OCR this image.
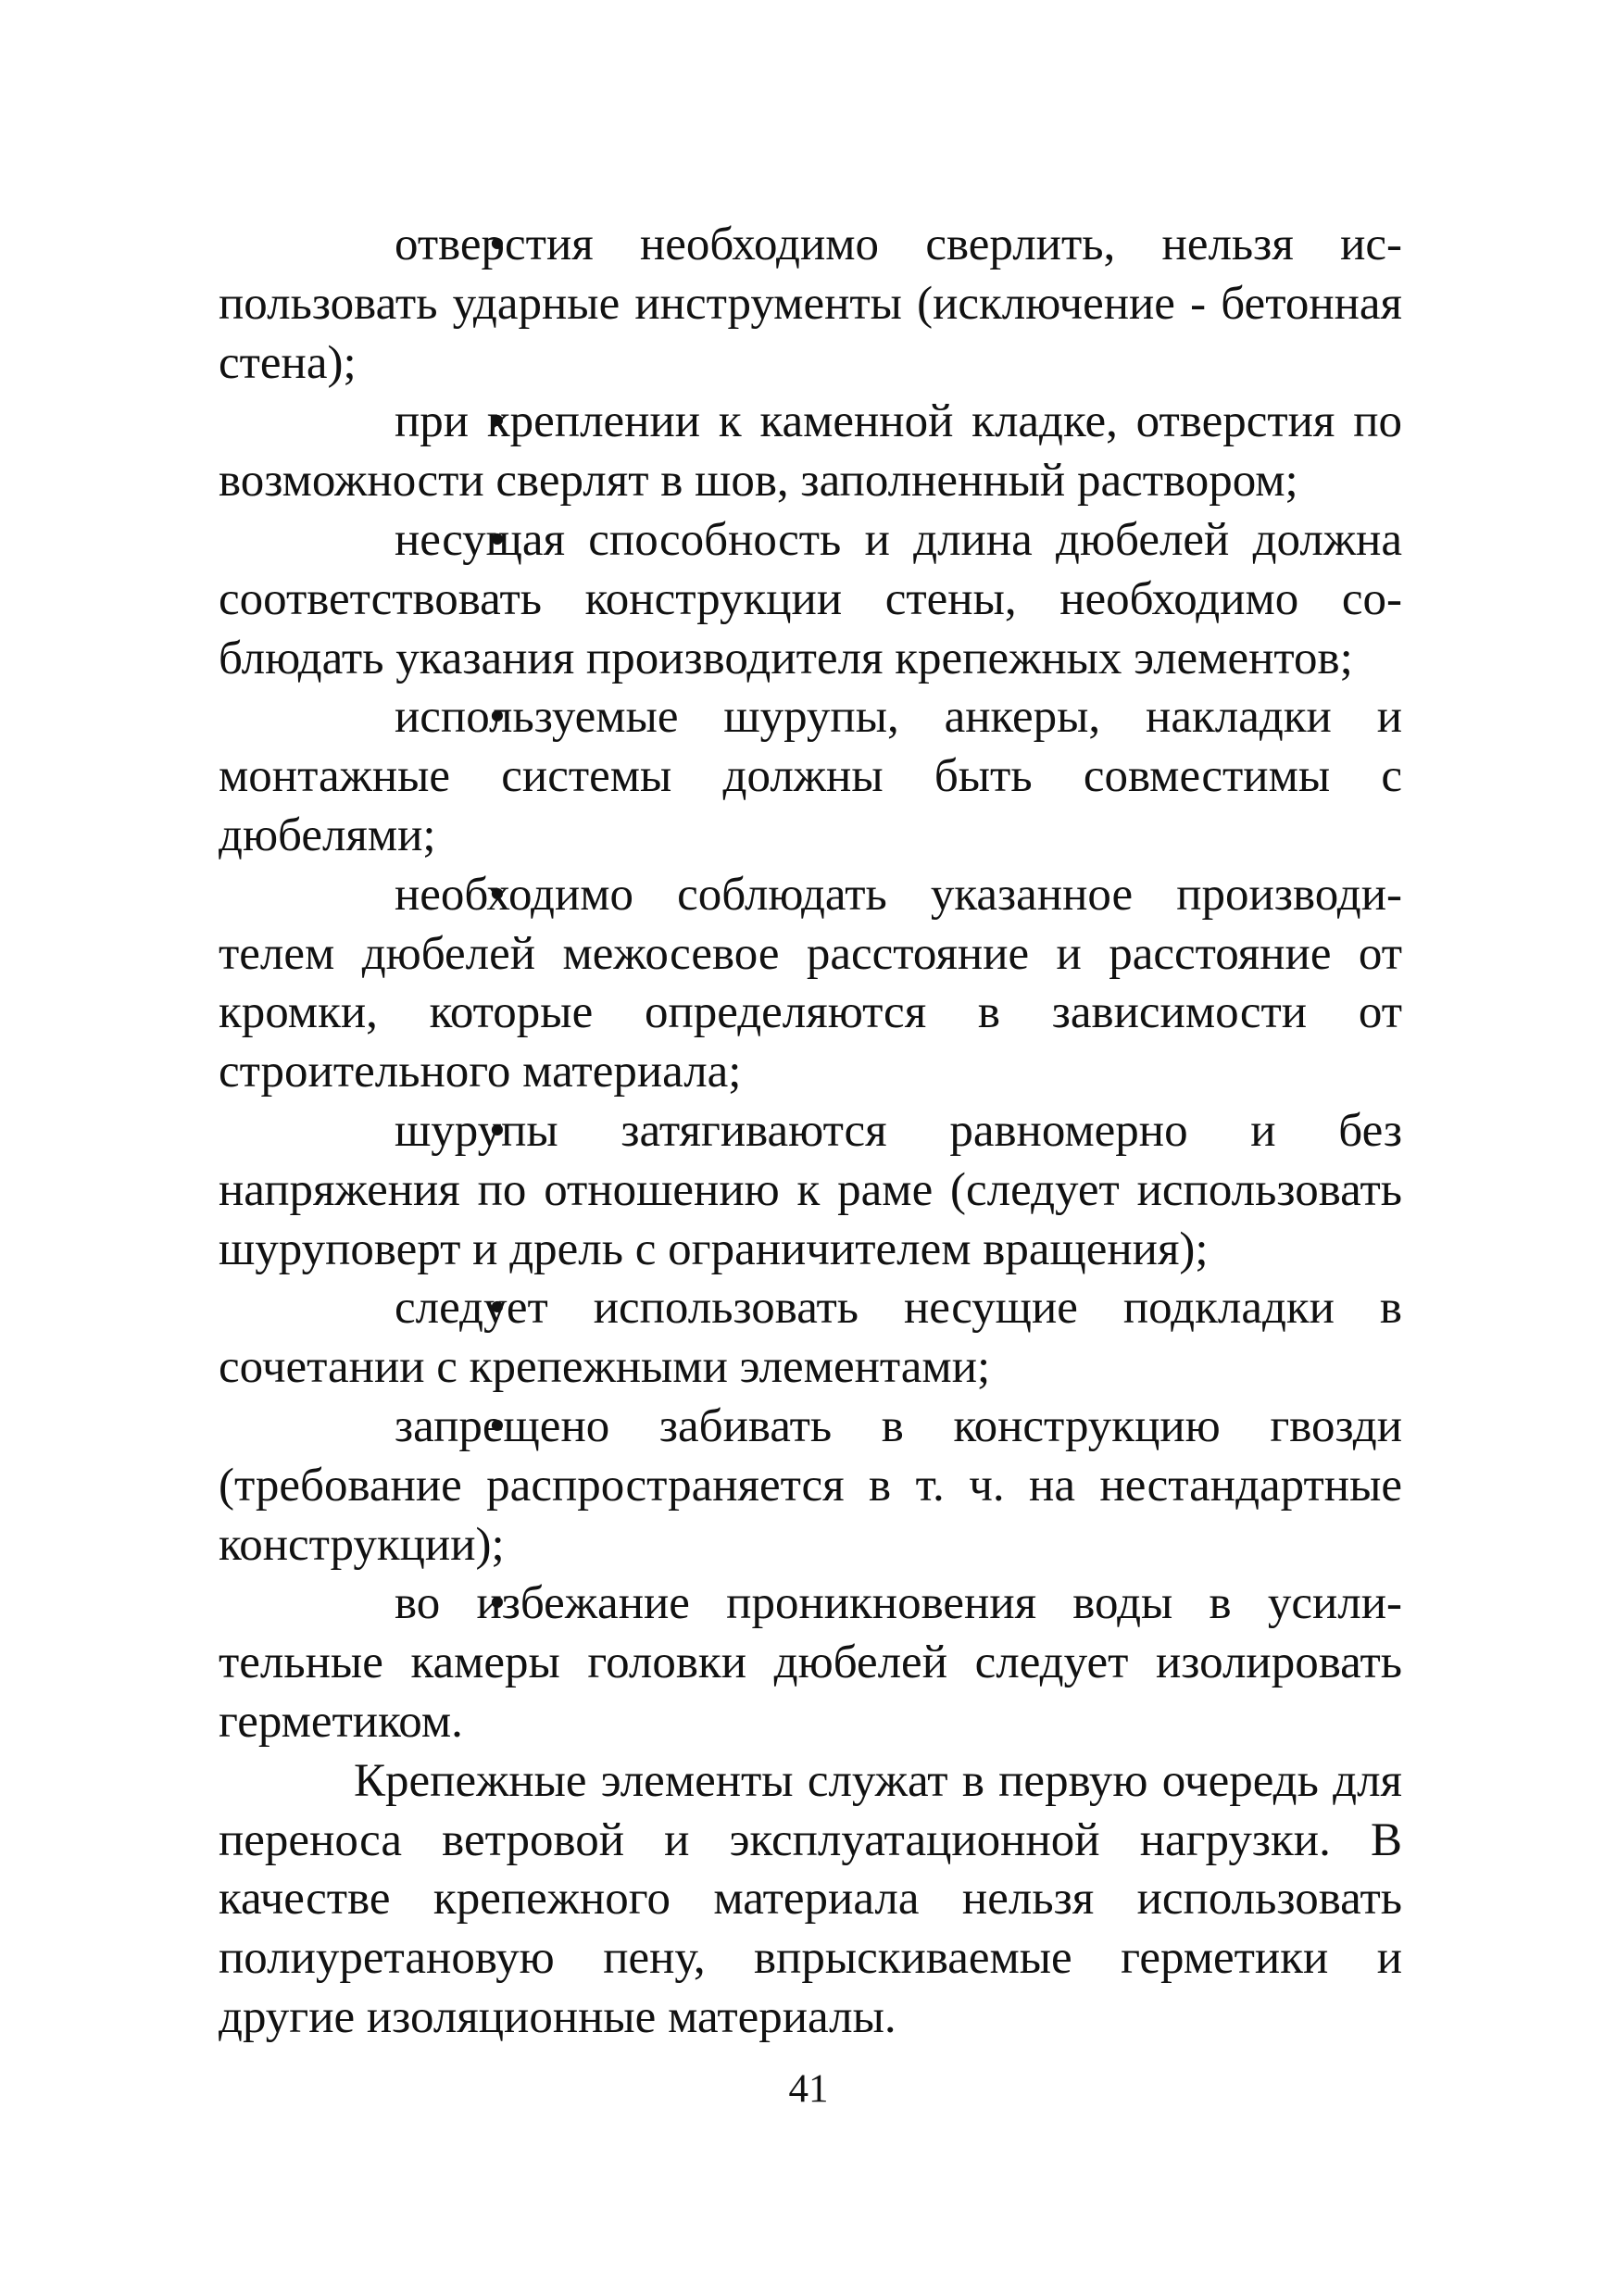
• отверстия необходимо сверлить, нельзя использовать ударные инструменты (исключение - бетонная стена);

• при креплении к каменной кладке, отверстия по возможности сверлят в шов, заполненный раствором;

• несущая способность и длина дюбелей должна соответствовать конструкции стены, необходимо соблюдать указания производителя крепежных элементов;

• используемые шурупы, анкеры, накладки и монтажные системы должны быть совместимы с дюбелями;

• необходимо соблюдать указанное производителем дюбелей межосевое расстояние и расстояние от кромки, которые определяются в зависимости от строительного материала;

• шурупы затягиваются равномерно и без напряжения по отношению к раме (следует использовать шуруповерт и дрель с ограничителем вращения);

• следует использовать несущие подкладки в сочетании с крепежными элементами;

• запрещено забивать в конструкцию гвозди (требование распространяется в т. ч. на нестандартные конструкции);

• во избежание проникновения воды в усилительные камеры головки дюбелей следует изолировать герметиком.

Крепежные элементы служат в первую очередь для переноса ветровой и эксплуатационной нагрузки. В качестве крепежного материала нельзя использовать полиуретановую пену, впрыскиваемые герметики и другие изоляционные материалы.

41
